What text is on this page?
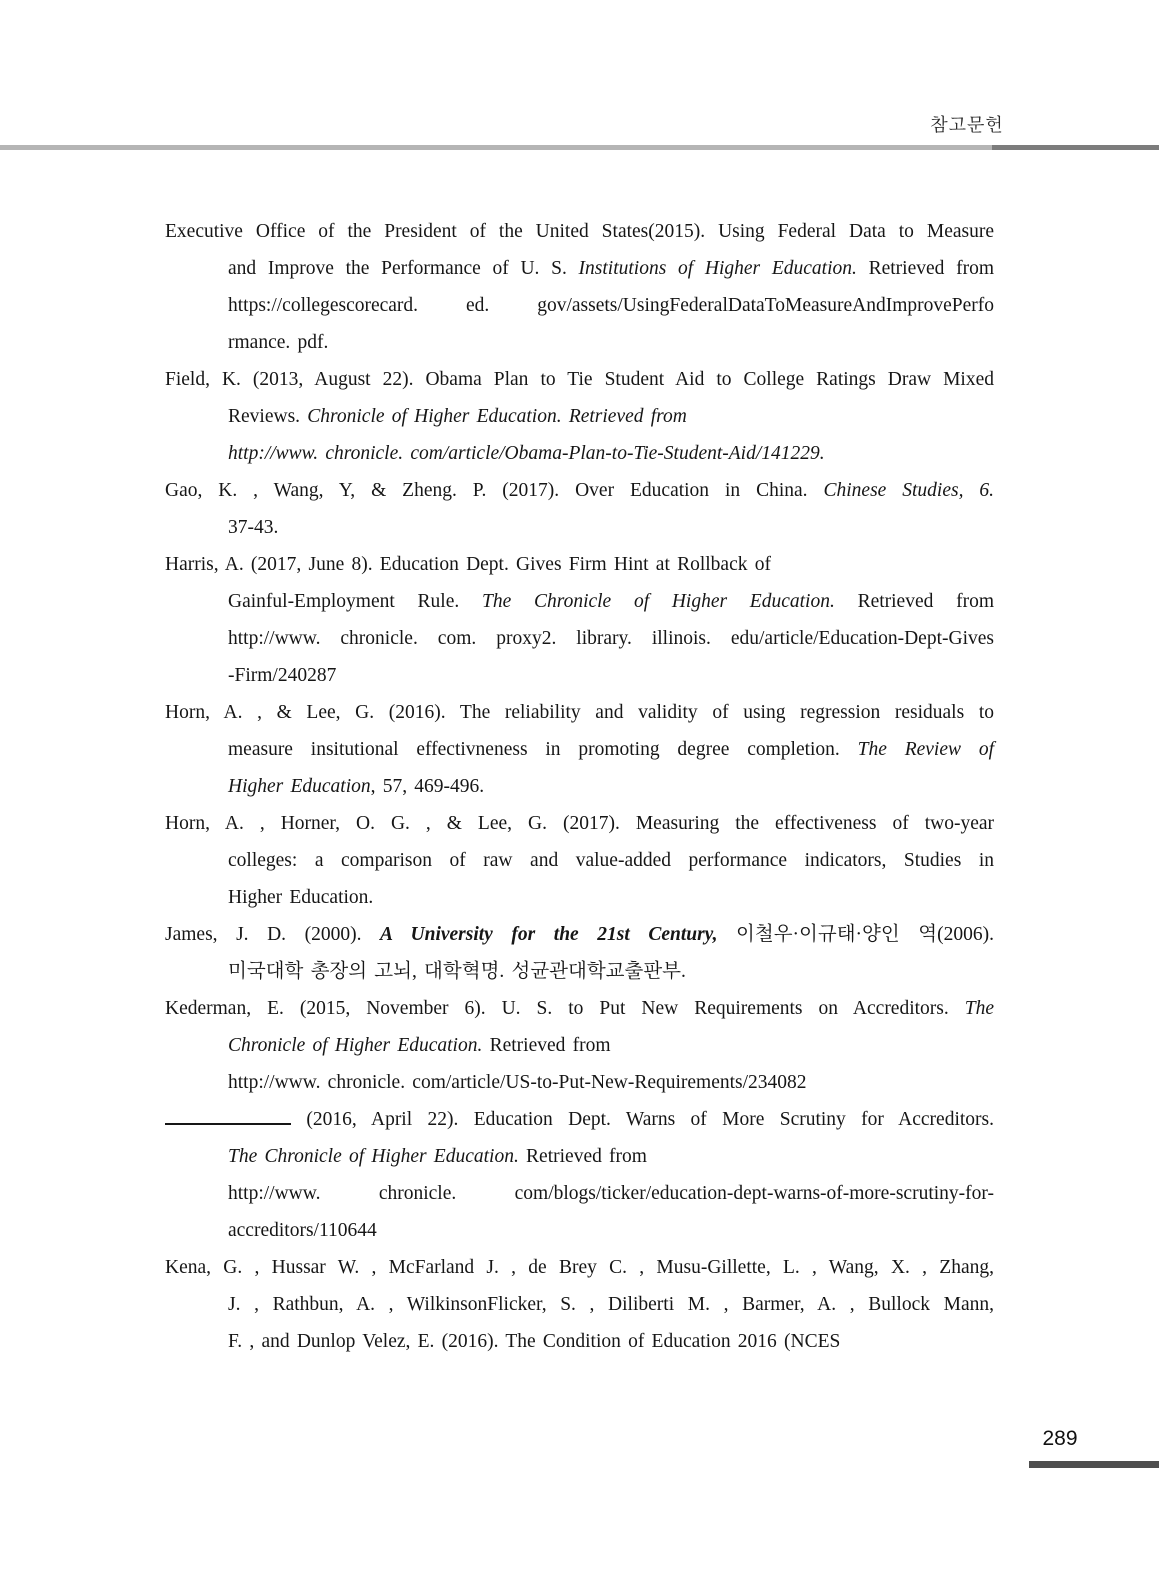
참고문헌
Executive Office of the President of the United States(2015). Using Federal Data to Measure
and Improve the Performance of U. S. Institutions of Higher Education. Retrieved from
https://collegescorecard. ed. gov/assets/UsingFederalDataToMeasureAndImprovePerfo
rmance. pdf.
Field, K. (2013, August 22). Obama Plan to Tie Student Aid to College Ratings Draw Mixed
Reviews. Chronicle of Higher Education. Retrieved from
http://www. chronicle. com/article/Obama-Plan-to-Tie-Student-Aid/141229.
Gao, K. , Wang, Y, & Zheng. P. (2017). Over Education in China. Chinese Studies, 6.
37-43.
Harris, A. (2017, June 8). Education Dept. Gives Firm Hint at Rollback of
Gainful-Employment Rule. The Chronicle of Higher Education. Retrieved from
http://www. chronicle. com. proxy2. library. illinois. edu/article/Education-Dept-Gives
-Firm/240287
Horn, A. , & Lee, G. (2016). The reliability and validity of using regression residuals to
measure insitutional effectivneness in promoting degree completion. The Review of
Higher Education, 57, 469-496.
Horn, A. , Horner, O. G. , & Lee, G. (2017). Measuring the effectiveness of two-year
colleges: a comparison of raw and value-added performance indicators, Studies in
Higher Education.
James, J. D. (2000). A University for the 21st Century, 이철우·이규태·양인 역(2006).
미국대학 총장의 고뇌, 대학혁명. 성균관대학교출판부.
Kederman, E. (2015, November 6). U. S. to Put New Requirements on Accreditors. The
Chronicle of Higher Education. Retrieved from
http://www. chronicle. com/article/US-to-Put-New-Requirements/234082
(2016, April 22). Education Dept. Warns of More Scrutiny for Accreditors.
The Chronicle of Higher Education. Retrieved from
http://www. chronicle. com/blogs/ticker/education-dept-warns-of-more-scrutiny-for-
accreditors/110644
Kena, G. , Hussar W. , McFarland J. , de Brey C. , Musu-Gillette, L. , Wang, X. , Zhang,
J. , Rathbun, A. , WilkinsonFlicker, S. , Diliberti M. , Barmer, A. , Bullock Mann,
F. , and Dunlop Velez, E. (2016). The Condition of Education 2016 (NCES
289
